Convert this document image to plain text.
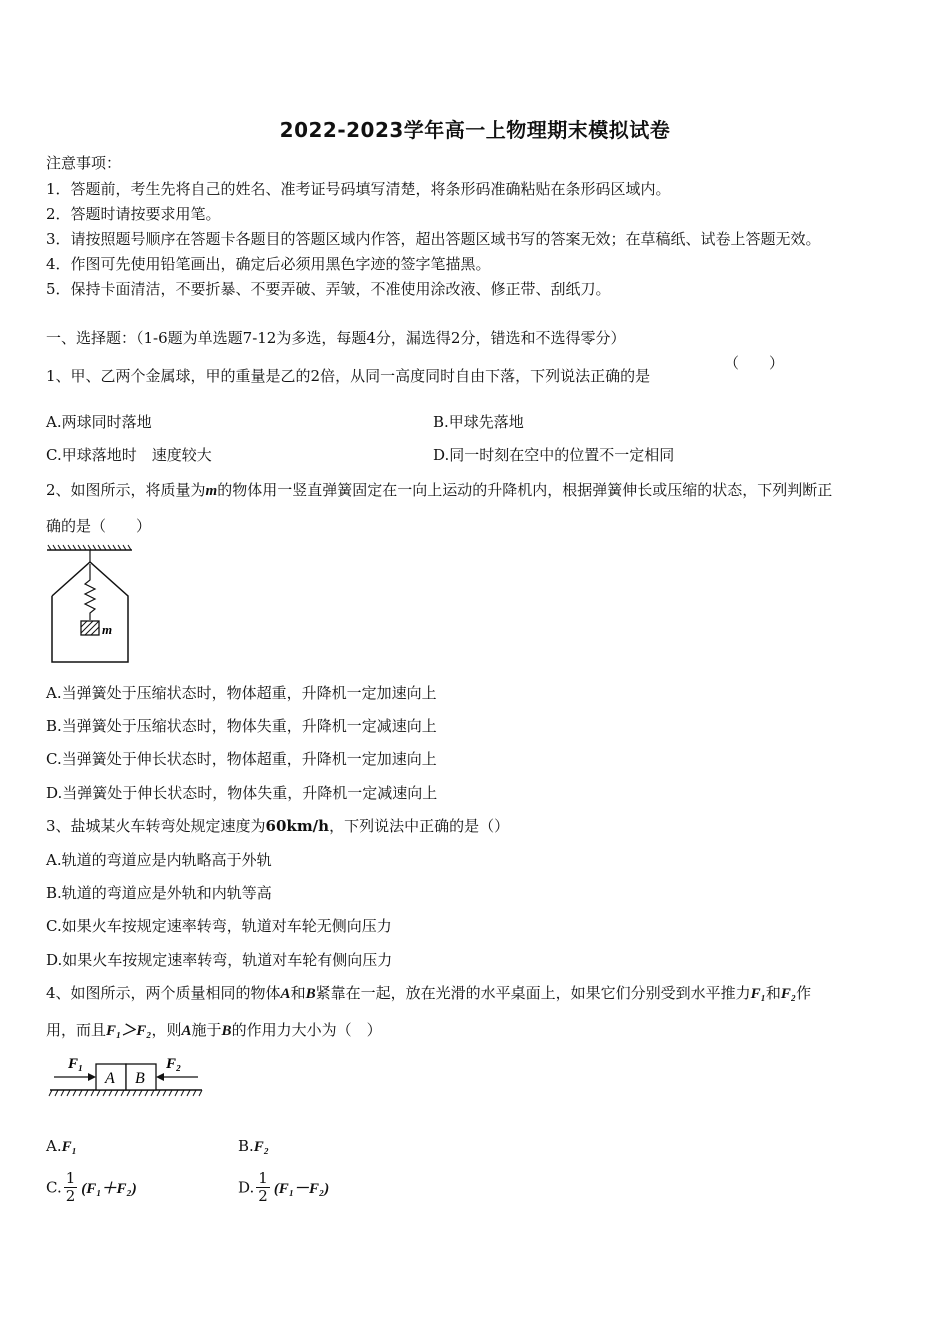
2022-2023学年高一上物理期末模拟试卷
注意事项：
1．答题前，考生先将自己的姓名、准考证号码填写清楚，将条形码准确粘贴在条形码区域内。
2．答题时请按要求用笔。
3．请按照题号顺序在答题卡各题目的答题区域内作答，超出答题区域书写的答案无效；在草稿纸、试卷上答题无效。
4．作图可先使用铅笔画出，确定后必须用黑色字迹的签字笔描黑。
5．保持卡面清洁，不要折暴、不要弄破、弄皱，不准使用涂改液、修正带、刮纸刀。
一、选择题：（1-6题为单选题7-12为多选，每题4分，漏选得2分，错选和不选得零分）
1、甲、乙两个金属球，甲的重量是乙的2倍，从同一高度同时自由下落，下列说法正确的是
（　　）
A.两球同时落地	B.甲球先落地
C.甲球落地时　速度较大	D.同一时刻在空中的位置不一定相同
2、如图所示，将质量为m的物体用一竖直弹簧固定在一向上运动的升降机内，根据弹簧伸长或压缩的状态，下列判断正
确的是（　　）
m
A.当弹簧处于压缩状态时，物体超重，升降机一定加速向上
B.当弹簧处于压缩状态时，物体失重，升降机一定减速向上
C.当弹簧处于伸长状态时，物体超重，升降机一定加速向上
D.当弹簧处于伸长状态时，物体失重，升降机一定减速向上
3、盐城某火车转弯处规定速度为60km/h，下列说法中正确的是（）
A.轨道的弯道应是内轨略高于外轨
B.轨道的弯道应是外轨和内轨等高
C.如果火车按规定速率转弯，轨道对车轮无侧向压力
D.如果火车按规定速率转弯，轨道对车轮有侧向压力
4、如图所示，两个质量相同的物体A和B紧靠在一起，放在光滑的水平桌面上，如果它们分别受到水平推力F₁和F₂作
用，而且F₁＞F₂，则A施于B的作用力大小为（　）
F₁	F₂
A B
A.F₁	B.F₂
C. $\frac{1}{2} (F_1+F_2)$	D. $\frac{1}{2} (F_1-F_2)$
